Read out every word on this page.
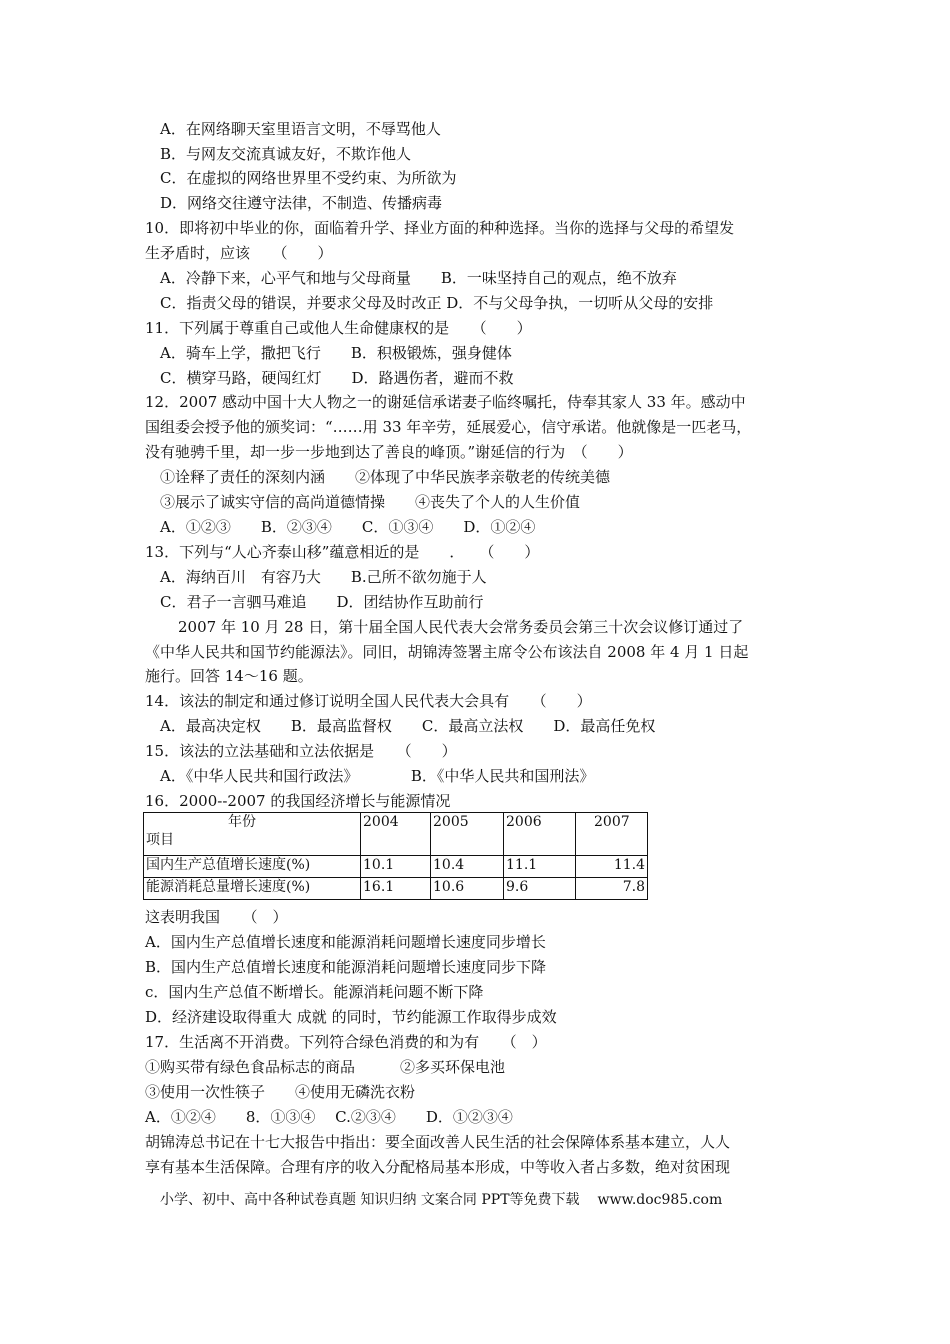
A．在网络聊天室里语言文明，不辱骂他人
B．与网友交流真诚友好，不欺诈他人
C．在虚拟的网络世界里不受约束、为所欲为
D．网络交往遵守法律，不制造、传播病毒
10．即将初中毕业的你，面临着升学、择业方面的种种选择。当你的选择与父母的希望发
生矛盾时，应该　　（　　）
A．冷静下来，心平气和地与父母商量　　B．一味坚持自己的观点，绝不放弃
C．指责父母的错误，并要求父母及时改正 D．不与父母争执，一切听从父母的安排
11．下列属于尊重自己或他人生命健康权的是　　（　　）
A．骑车上学，撒把飞行　　B．积极锻炼，强身健体
C．横穿马路，硬闯红灯　　D．路遇伤者，避而不救
12．2007 感动中国十大人物之一的谢延信承诺妻子临终嘱托，侍奉其家人 33 年。感动中
国组委会授予他的颁奖词：“……用 33 年辛劳，延展爱心，信守承诺。他就像是一匹老马，
没有驰骋千里，却一步一步地到达了善良的峰顶。”谢延信的行为　（　　）
①诠释了责任的深刻内涵　　②体现了中华民族孝亲敬老的传统美德
③展示了诚实守信的高尚道德情操　　④丧失了个人的人生价值
A．①②③　　B．②③④　　C．①③④　　D．①②④
13．下列与“人心齐泰山移”蕴意相近的是　　．　　（　　）
A．海纳百川　有容乃大　　B.己所不欲勿施于人
C．君子一言驷马难追　　D．团结协作互助前行
2007 年 10 月 28 日，第十届全国人民代表大会常务委员会第三十次会议修订通过了
《中华人民共和国节约能源法》。同旧，胡锦涛签署主席令公布该法自 2008 年 4 月 1 日起
施行。回答 14～16 题。
14．该法的制定和通过修订说明全国人民代表大会具有　　（　　）
A．最高决定权　　B．最高监督权　　C．最高立法权　　D．最高任免权
15．该法的立法基础和立法依据是　　（　　）
A．《中华人民共和国行政法》　　　　B．《中华人民共和国刑法》
16．2000--2007 的我国经济增长与能源情况
年份
项目	2004	2005	2006	2007
国内生产总值增长速度(%)	10.1	10.4	11.1	11.4
能源消耗总量增长速度(%)	16.1	10.6	9.6	7.8
这表明我国　　（　）
A．国内生产总值增长速度和能源消耗问题增长速度同步增长
B．国内生产总值增长速度和能源消耗问题增长速度同步下降
c．国内生产总值不断增长。能源消耗问题不断下降
D．经济建设取得重大 成就 的同时，节约能源工作取得步成效
17．生活离不开消费。下列符合绿色消费的和为有　　（　）
①购买带有绿色食品标志的商品　　　②多买环保电池
③使用一次性筷子　　④使用无磷洗衣粉
A．①②④　　8．①③④　 C.②③④　　D．①②③④
胡锦涛总书记在十七大报告中指出：要全面改善人民生活的社会保障体系基本建立，人人
享有基本生活保障。合理有序的收入分配格局基本形成，中等收入者占多数，绝对贫困现
小学、初中、高中各种试卷真题 知识归纳 文案合同 PPT等免费下载 www.doc985.com
